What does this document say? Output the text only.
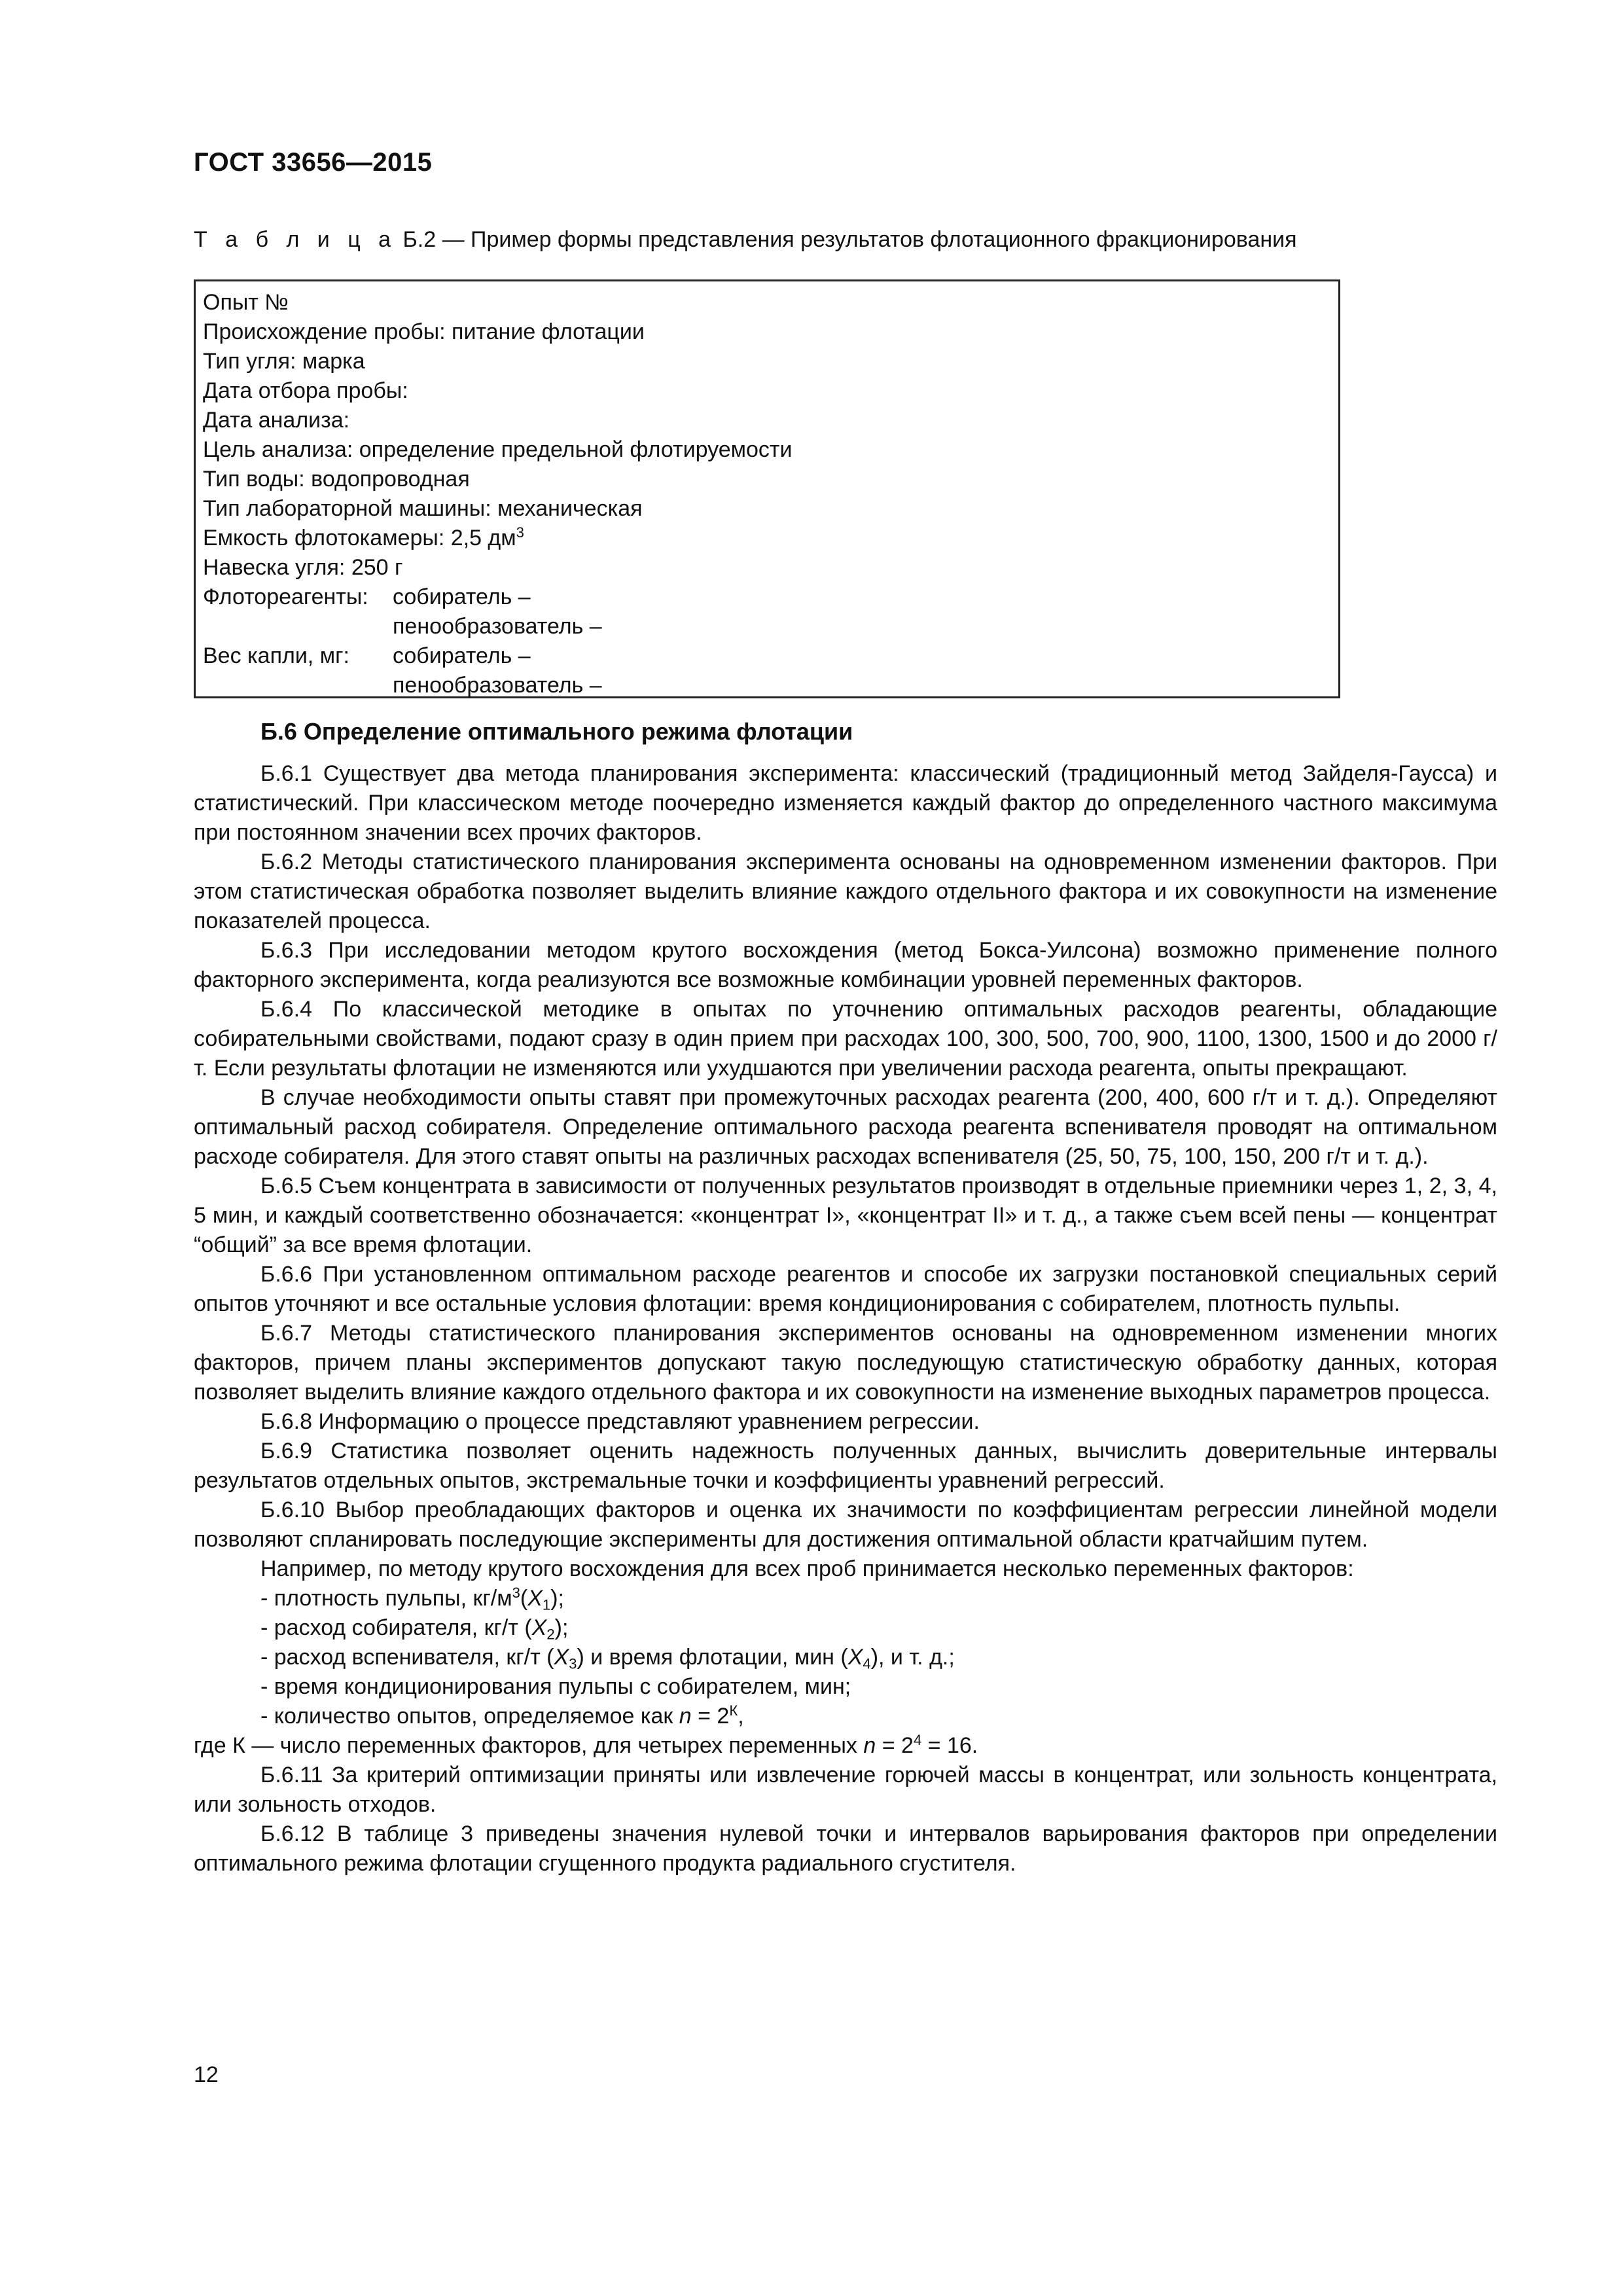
ГОСТ 33656—2015
Т а б л и ц а Б.2 — Пример формы представления результатов флотационного фракционирования
Опыт №
Происхождение пробы: питание флотации
Тип угля: марка
Дата отбора пробы:
Дата анализа:
Цель анализа: определение предельной флотируемости
Тип воды: водопроводная
Тип лабораторной машины: механическая
Емкость флотокамеры: 2,5 $дм^3$
Навеска угля: 250 г
Флотореагенты:	собиратель –
пенообразователь –
Вес капли, мг:	собиратель –
пенообразователь –
Б.6 Определение оптимального режима флотации

Б.6.1 Существует два метода планирования эксперимента: классический (традиционный метод Зайделя-Гаусса) и статистический. При классическом методе поочередно изменяется каждый фактор до определенного частного максимума при постоянном значении всех прочих факторов.

Б.6.2 Методы статистического планирования эксперимента основаны на одновременном изменении факторов. При этом статистическая обработка позволяет выделить влияние каждого отдельного фактора и их совокупности на изменение показателей процесса.

Б.6.3 При исследовании методом крутого восхождения (метод Бокса-Уилсона) возможно применение полного факторного эксперимента, когда реализуются все возможные комбинации уровней переменных факторов.

Б.6.4 По классической методике в опытах по уточнению оптимальных расходов реагенты, обладающие собирательными свойствами, подают сразу в один прием при расходах 100, 300, 500, 700, 900, 1100, 1300, 1500 и до 2000 г/т. Если результаты флотации не изменяются или ухудшаются при увеличении расхода реагента, опыты прекращают.

В случае необходимости опыты ставят при промежуточных расходах реагента (200, 400, 600 г/т и т. д.). Определяют оптимальный расход собирателя. Определение оптимального расхода реагента вспенивателя проводят на оптимальном расходе собирателя. Для этого ставят опыты на различных расходах вспенивателя (25, 50, 75, 100, 150, 200 г/т и т. д.).

Б.6.5 Съем концентрата в зависимости от полученных результатов производят в отдельные приемники через 1, 2, 3, 4, 5 мин, и каждый соответственно обозначается: «концентрат I», «концентрат II» и т. д., а также съем всей пены — концентрат “общий” за все время флотации.

Б.6.6 При установленном оптимальном расходе реагентов и способе их загрузки постановкой специальных серий опытов уточняют и все остальные условия флотации: время кондиционирования с собирателем, плотность пульпы.

Б.6.7 Методы статистического планирования экспериментов основаны на одновременном изменении многих факторов, причем планы экспериментов допускают такую последующую статистическую обработку данных, которая позволяет выделить влияние каждого отдельного фактора и их совокупности на изменение выходных параметров процесса.

Б.6.8 Информацию о процессе представляют уравнением регрессии.

Б.6.9 Статистика позволяет оценить надежность полученных данных, вычислить доверительные интервалы результатов отдельных опытов, экстремальные точки и коэффициенты уравнений регрессий.

Б.6.10 Выбор преобладающих факторов и оценка их значимости по коэффициентам регрессии линейной модели позволяют спланировать последующие эксперименты для достижения оптимальной области кратчайшим путем.

Например, по методу крутого восхождения для всех проб принимается несколько переменных факторов:

- плотность пульпы, $кг/м^3(X_1)$;

- расход собирателя, кг/т $(X_2)$;

- расход вспенивателя, кг/т $(X_3)$ и время флотации, мин $(X_4)$, и т. д.;

- время кондиционирования пульпы с собирателем, мин;

- количество опытов, определяемое как $n = 2^К$,

где К — число переменных факторов, для четырех переменных $n = 2^4 = 16$.

Б.6.11 За критерий оптимизации приняты или извлечение горючей массы в концентрат, или зольность концентрата, или зольность отходов.

Б.6.12 В таблице 3 приведены значения нулевой точки и интервалов варьирования факторов при определении оптимального режима флотации сгущенного продукта радиального сгустителя.

12
